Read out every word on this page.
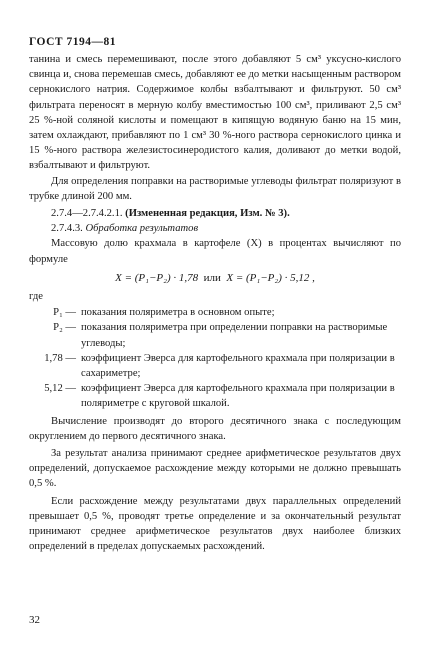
ГОСТ 7194—81

танина и смесь перемешивают, после этого добавляют 5 см³ уксусно-кислого свинца и, снова перемешав смесь, добавляют ее до метки насыщенным раствором сернокислого натрия. Содержимое колбы взбалтывают и фильтруют. 50 см³ фильтрата переносят в мерную колбу вместимостью 100 см³, приливают 2,5 см³ 25 %-ной соляной кислоты и помещают в кипящую водяную баню на 15 мин, затем охлаждают, прибавляют по 1 см³ 30 %-ного раствора сернокислого цинка и 15 %-ного раствора железистосинеродистого калия, доливают до метки водой, взбалтывают и фильтруют.

Для определения поправки на растворимые углеводы фильтрат поляризуют в трубке длиной 200 мм.

2.7.4—2.7.4.2.1. (Измененная редакция, Изм. № 3).

2.7.4.3. Обработка результатов

Массовую долю крахмала в картофеле (X) в процентах вычисляют по формуле

X = (P₁−P₂) · 1,78 или X = (P₁−P₂) · 5,12 ,

где

P₁ —	показания поляриметра в основном опыте;
P₂ —	показания поляриметра при определении поправки на растворимые углеводы;
1,78 —	коэффициент Эверса для картофельного крахмала при поляризации в сахариметре;
5,12 —	коэффициент Эверса для картофельного крахмала при поляризации в поляриметре с круговой шкалой.

Вычисление производят до второго десятичного знака с последующим округлением до первого десятичного знака.

За результат анализа принимают среднее арифметическое результатов двух определений, допускаемое расхождение между которыми не должно превышать 0,5 %.

Если расхождение между результатами двух параллельных определений превышает 0,5 %, проводят третье определение и за окончательный результат принимают среднее арифметическое результатов двух наиболее близких определений в пределах допускаемых расхождений.

32
